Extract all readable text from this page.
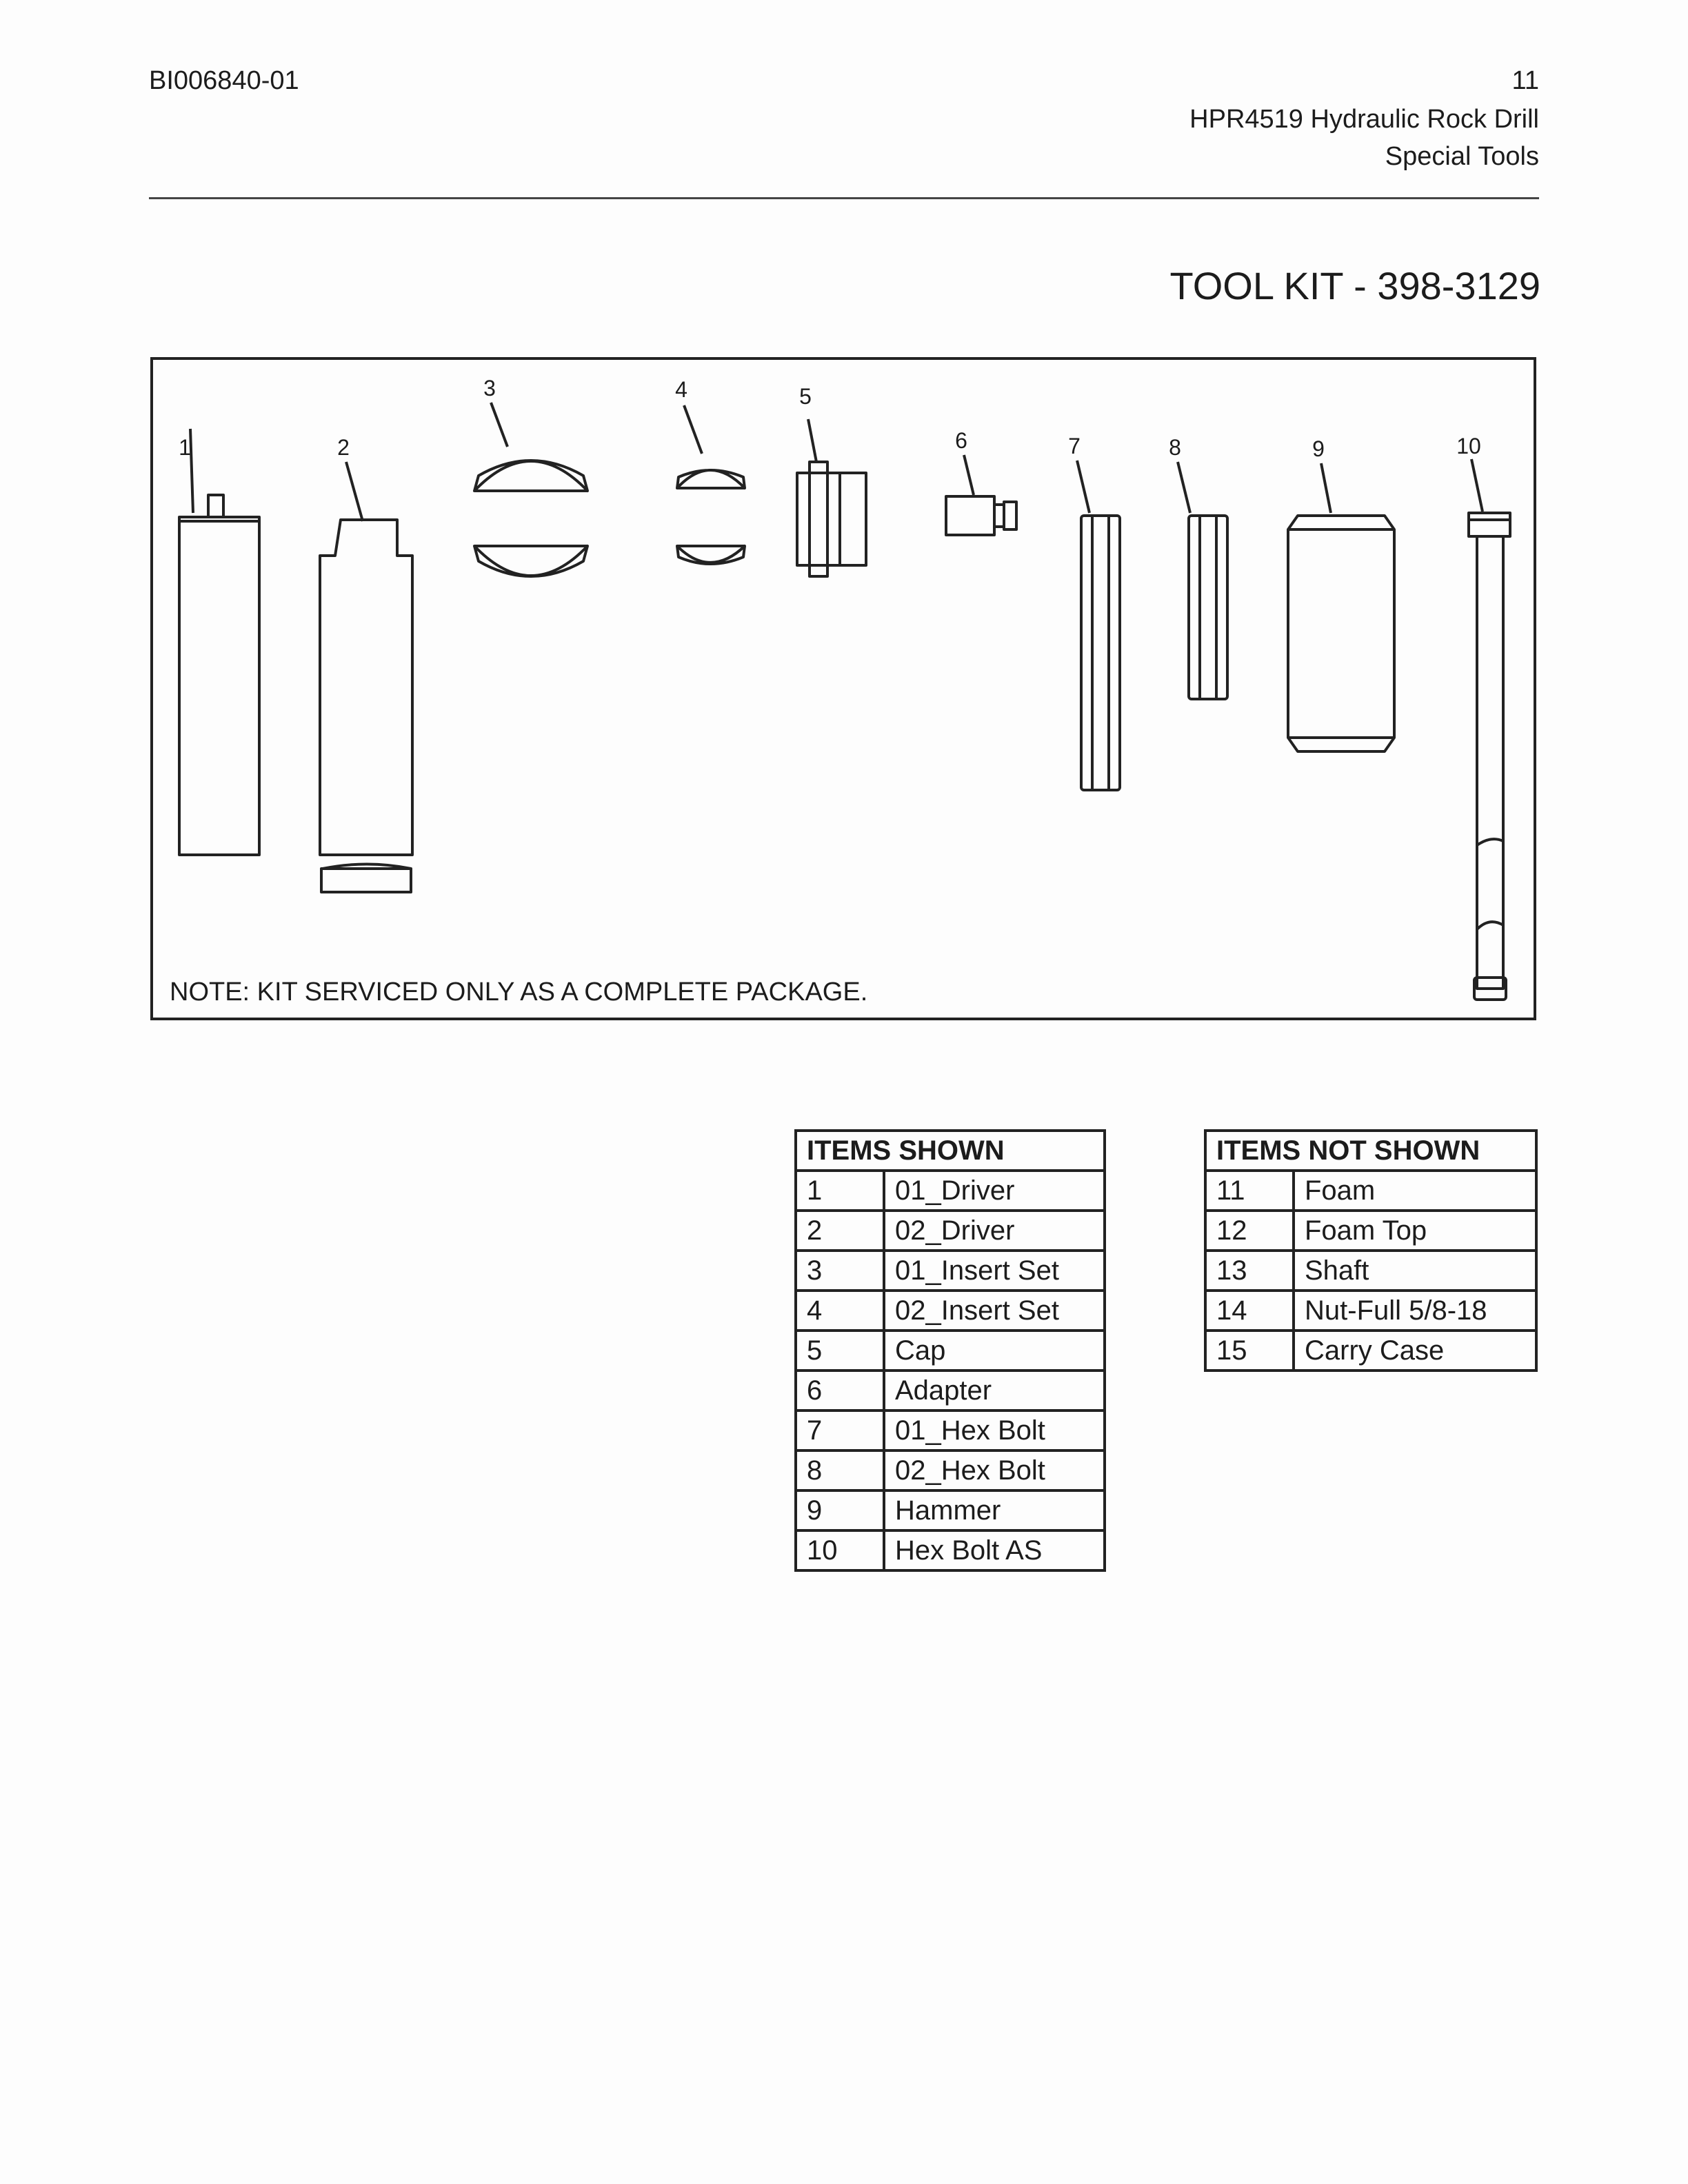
BI006840-01	11
HPR4519 Hydraulic Rock Drill
Special Tools
TOOL KIT - 398-3129
1	2
3	4	5
6	7	8	9	10
NOTE: KIT SERVICED ONLY AS A COMPLETE PACKAGE.
ITEMS SHOWN	
1	01_Driver
2	02_Driver
3	01_Insert Set
4	02_Insert Set
5	Cap
6	Adapter
7	01_Hex Bolt
8	02_Hex Bolt
9	Hammer
10	Hex Bolt AS
ITEMS NOT SHOWN	
11	Foam
12	Foam Top
13	Shaft
14	Nut-Full 5/8-18
15	Carry Case
